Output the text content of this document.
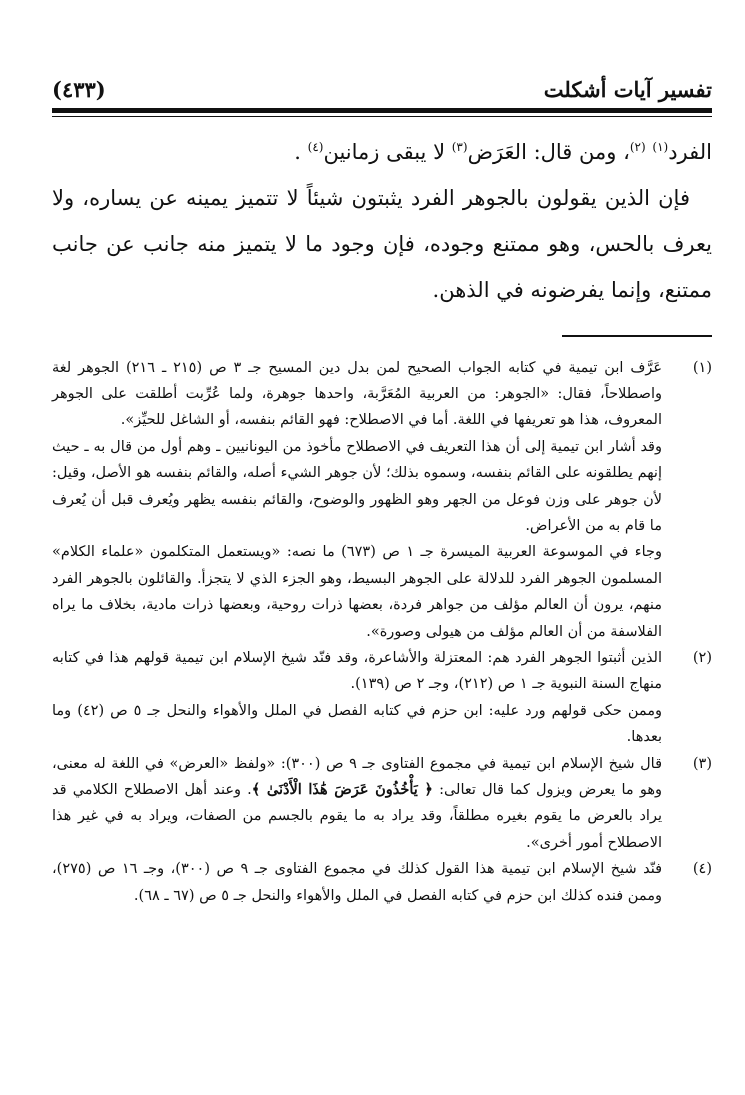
تفسير آيات أشكلت
(٤٣٣)

الفرد$^{(١)}$ $^{(٢)}$، ومن قال: العَرَض$^{(٣)}$ لا يبقى زمانين$^{(٤)}$ .

فإن الذين يقولون بالجوهر الفرد يثبتون شيئاً لا تتميز يمينه عن يساره، ولا يعرف بالحس، وهو ممتنع وجوده، فإن وجود ما لا يتميز منه جانب عن جانب ممتنع، وإنما يفرضونه في الذهن.

(١)

عَرَّف ابن تيمية في كتابه الجواب الصحيح لمن بدل دين المسيح جـ ٣ ص (٢١٥ ـ ٢١٦) الجوهر لغة واصطلاحاً، فقال: «الجوهر: من العربية المُعَرَّبة، واحدها جوهرة، ولما عُرِّبت أطلقت على الجوهر المعروف، هذا هو تعريفها في اللغة. أما في الاصطلاح: فهو القائم بنفسه، أو الشاغل للحيِّز».

وقد أشار ابن تيمية إلى أن هذا التعريف في الاصطلاح مأخوذ من اليونانيين ـ وهم أول من قال به ـ حيث إنهم يطلقونه على القائم بنفسه، وسموه بذلك؛ لأن جوهر الشيء أصله، والقائم بنفسه هو الأصل، وقيل: لأن جوهر على وزن فوعل من الجهر وهو الظهور والوضوح، والقائم بنفسه يظهر ويُعرف قبل أن يُعرف ما قام به من الأعراض.

وجاء في الموسوعة العربية الميسرة جـ ١ ص (٦٧٣) ما نصه: «ويستعمل المتكلمون «علماء الكلام» المسلمون الجوهر الفرد للدلالة على الجوهر البسيط، وهو الجزء الذي لا يتجزأ. والقائلون بالجوهر الفرد منهم، يرون أن العالم مؤلف من جواهر فردة، بعضها ذرات روحية، وبعضها ذرات مادية، بخلاف ما يراه الفلاسفة من أن العالم مؤلف من هيولى وصورة».

(٢)

الذين أثبتوا الجوهر الفرد هم: المعتزلة والأشاعرة، وقد فنّد شيخ الإسلام ابن تيمية قولهم هذا في كتابه منهاج السنة النبوية جـ ١ ص (٢١٢)، وجـ ٢ ص (١٣٩).

وممن حكى قولهم ورد عليه: ابن حزم في كتابه الفصل في الملل والأهواء والنحل جـ ٥ ص (٤٢) وما بعدها.

(٣)

قال شيخ الإسلام ابن تيمية في مجموع الفتاوى جـ ٩ ص (٣٠٠): «ولفظ «العرض» في اللغة له معنى، وهو ما يعرض ويزول كما قال تعالى: ﴿ يَأْخُذُونَ عَرَضَ هَٰذَا الْأَدْنَىٰ ﴾. وعند أهل الاصطلاح الكلامي قد يراد بالعرض ما يقوم بغيره مطلقاً، وقد يراد به ما يقوم بالجسم من الصفات، ويراد به في غير هذا الاصطلاح أمور أخرى».

(٤)

فنّد شيخ الإسلام ابن تيمية هذا القول كذلك في مجموع الفتاوى جـ ٩ ص (٣٠٠)، وجـ ١٦ ص (٢٧٥)، وممن فنده كذلك ابن حزم في كتابه الفصل في الملل والأهواء والنحل جـ ٥ ص (٦٧ ـ ٦٨).
